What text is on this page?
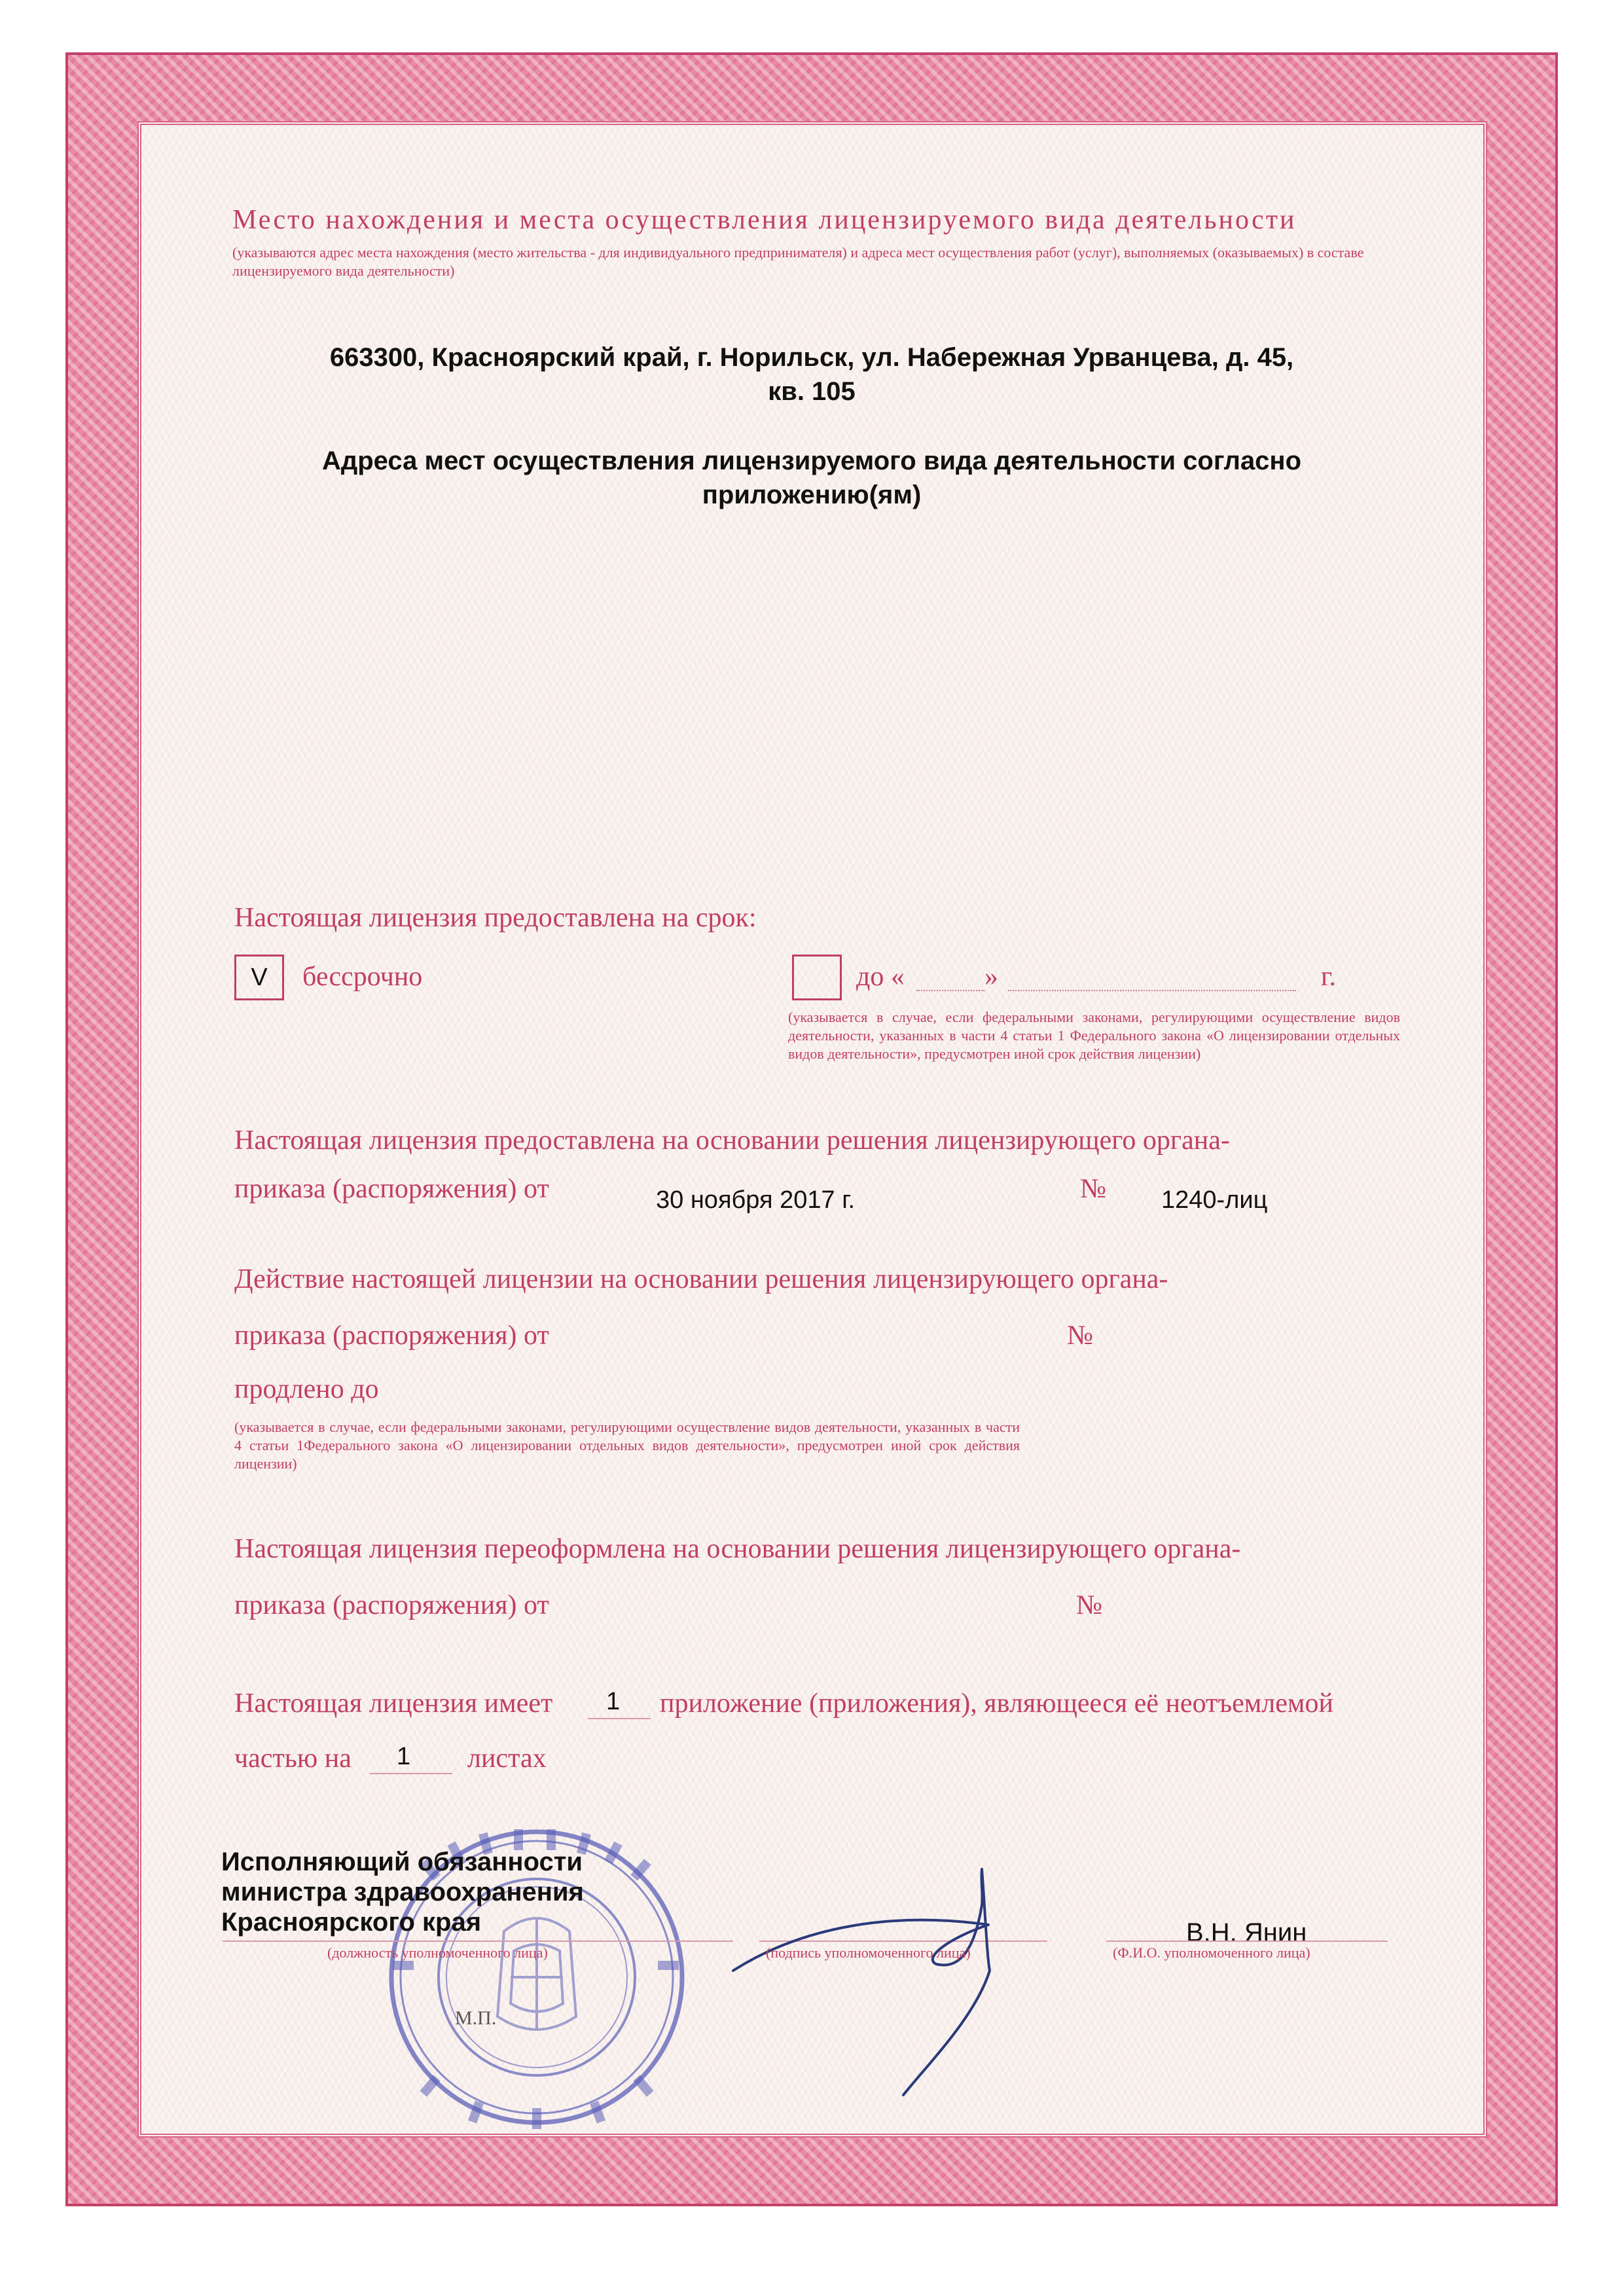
Место нахождения и места осуществления лицензируемого вида деятельности
(указываются адрес места нахождения (место жительства - для индивидуального предпринимателя) и адреса мест осуществления работ (услуг), выполняемых (оказываемых) в составе лицензируемого вида деятельности)
663300, Красноярский край, г. Норильск, ул. Набережная Урванцева, д. 45,
кв. 105
Адреса мест осуществления лицензируемого вида деятельности согласно
приложению(ям)
Настоящая лицензия предоставлена на срок:
V	бессрочно	до «	»	г.
(указывается в случае, если федеральными законами, регулирующими осуществление видов деятельности, указанных в части 4 статьи 1 Федерального закона «О лицензировании отдельных видов деятельности», предусмотрен иной срок действия лицензии)
Настоящая лицензия предоставлена на основании решения лицензирующего органа-
приказа (распоряжения) от	30 ноября 2017 г.	№ 1240-лиц
Действие настоящей лицензии на основании решения лицензирующего органа-
приказа (распоряжения) от	№
продлено до
(указывается в случае, если федеральными законами, регулирующими осуществление видов деятельности, указанных в части 4 статьи 1Федерального закона «О лицензировании отдельных видов деятельности», предусмотрен иной срок действия лицензии)
Настоящая лицензия переоформлена на основании решения лицензирующего органа-
приказа (распоряжения) от	№
Настоящая лицензия имеет 1 приложение (приложения), являющееся её неотъемлемой
частью на 1 листах
М.П.
Исполняющий обязанности
министра здравоохранения
Красноярского края
(должность уполномоченного лица)	(подпись уполномоченного лица)
В.Н. Янин
(Ф.И.О. уполномоченного лица)
